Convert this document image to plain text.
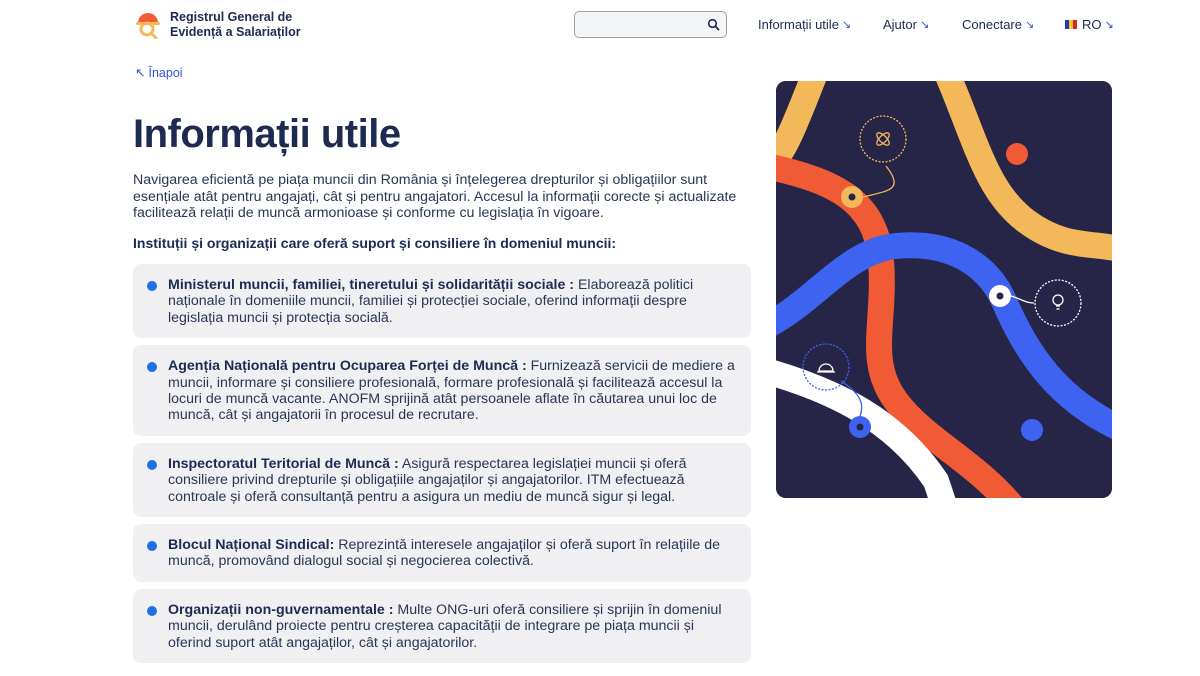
Registrul General de
Evidență a Salariaților	Informații utile ↘ Ajutor ↘	Conectare ↘	RO ↘
↖ Înapoi
Informații utile

Navigarea eficientă pe piața muncii din România și înțelegerea drepturilor și obligațiilor sunt esențiale atât pentru angajați, cât și pentru angajatori. Accesul la informații corecte și actualizate facilitează relații de muncă armonioase și conforme cu legislația în vigoare.

Instituții și organizații care oferă suport și consiliere în domeniul muncii:

Ministerul muncii, familiei, tineretului și solidarității sociale : Elaborează politici naționale în domeniile muncii, familiei și protecției sociale, oferind informații despre legislația muncii și protecția socială.
Agenția Națională pentru Ocuparea Forței de Muncă : Furnizează servicii de mediere a muncii, informare și consiliere profesională, formare profesională și facilitează accesul la locuri de muncă vacante. ANOFM sprijină atât persoanele aflate în căutarea unui loc de muncă, cât și angajatorii în procesul de recrutare.
Inspectoratul Teritorial de Muncă : Asigură respectarea legislației muncii și oferă consiliere privind drepturile și obligațiile angajaților și angajatorilor. ITM efectuează controale și oferă consultanță pentru a asigura un mediu de muncă sigur și legal.
Blocul Național Sindical: Reprezintă interesele angajaților și oferă suport în relațiile de muncă, promovând dialogul social și negocierea colectivă.
Organizații non-guvernamentale : Multe ONG-uri oferă consiliere și sprijin în domeniul muncii, derulând proiecte pentru creșterea capacității de integrare pe piața muncii și oferind suport atât angajaților, cât și angajatorilor.
